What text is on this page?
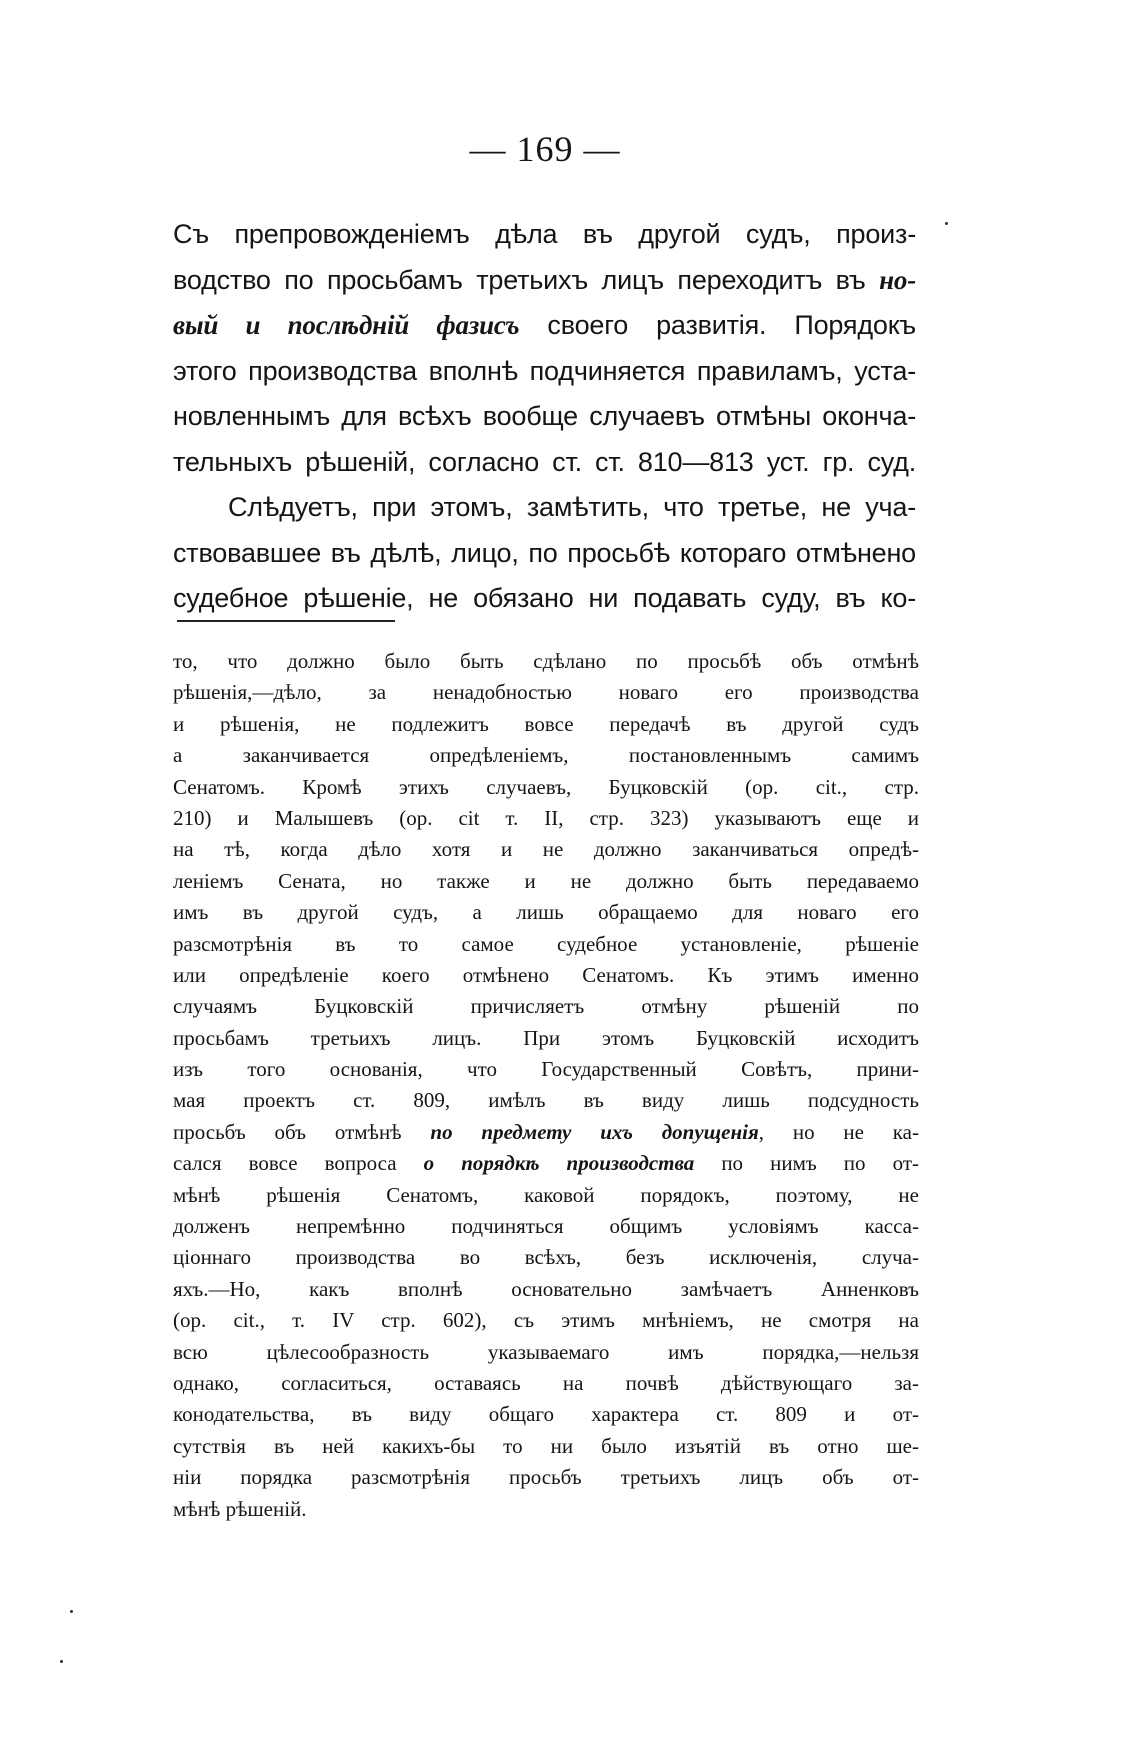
— 169 —
Съ препровожденіемъ дѣла въ другой судъ, произ-
водство по просьбамъ третьихъ лицъ переходитъ въ но-
вый и послѣдній фазисъ своего развитія. Порядокъ
этого производства вполнѣ подчиняется правиламъ, уста-
новленнымъ для всѣхъ вообще случаевъ отмѣны оконча-
тельныхъ рѣшеній, согласно ст. ст. 810—813 уст. гр. суд.
Слѣдуетъ, при этомъ, замѣтить, что третье, не уча-
ствовавшее въ дѣлѣ, лицо, по просьбѣ котораго отмѣнено
судебное рѣшеніе, не обязано ни подавать суду, въ ко-
то, что должно было быть сдѣлано по просьбѣ объ отмѣнѣ
рѣшенія,—дѣло, за ненадобностью новаго его производства
и рѣшенія, не подлежитъ вовсе передачѣ въ другой судъ
а заканчивается опредѣленіемъ, постановленнымъ самимъ
Сенатомъ. Кромѣ этихъ случаевъ, Буцковскій (op. cit., стр.
210) и Малышевъ (op. cit т. II, стр. 323) указываютъ еще и
на тѣ, когда дѣло хотя и не должно заканчиваться опредѣ-
леніемъ Сената, но также и не должно быть передаваемо
имъ въ другой судъ, а лишь обращаемо для новаго его
разсмотрѣнія въ то самое судебное установленіе, рѣшеніе
или опредѣленіе коего отмѣнено Сенатомъ. Къ этимъ именно
случаямъ Буцковскій причисляетъ отмѣну рѣшеній по
просьбамъ третьихъ лицъ. При этомъ Буцковскій исходитъ
изъ того основанія, что Государственный Совѣтъ, прини-
мая проектъ ст. 809, имѣлъ въ виду лишь подсудность
просьбъ объ отмѣнѣ по предмету ихъ допущенія, но не ка-
сался вовсе вопроса о порядкѣ производства по нимъ по от-
мѣнѣ рѣшенія Сенатомъ, каковой порядокъ, поэтому, не
долженъ непремѣнно подчиняться общимъ условіямъ касса-
ціоннаго производства во всѣхъ, безъ исключенія, случа-
яхъ.—Но, какъ вполнѣ основательно замѣчаетъ Анненковъ
(op. cit., т. IV стр. 602), съ этимъ мнѣніемъ, не смотря на
всю цѣлесообразность указываемаго имъ порядка,—нельзя
однако, согласиться, оставаясь на почвѣ дѣйствующаго за-
конодательства, въ виду общаго характера ст. 809 и от-
сутствія въ ней какихъ-бы то ни было изъятій въ отно ше-
ніи порядка разсмотрѣнія просьбъ третьихъ лицъ объ от-
мѣнѣ рѣшеній.
